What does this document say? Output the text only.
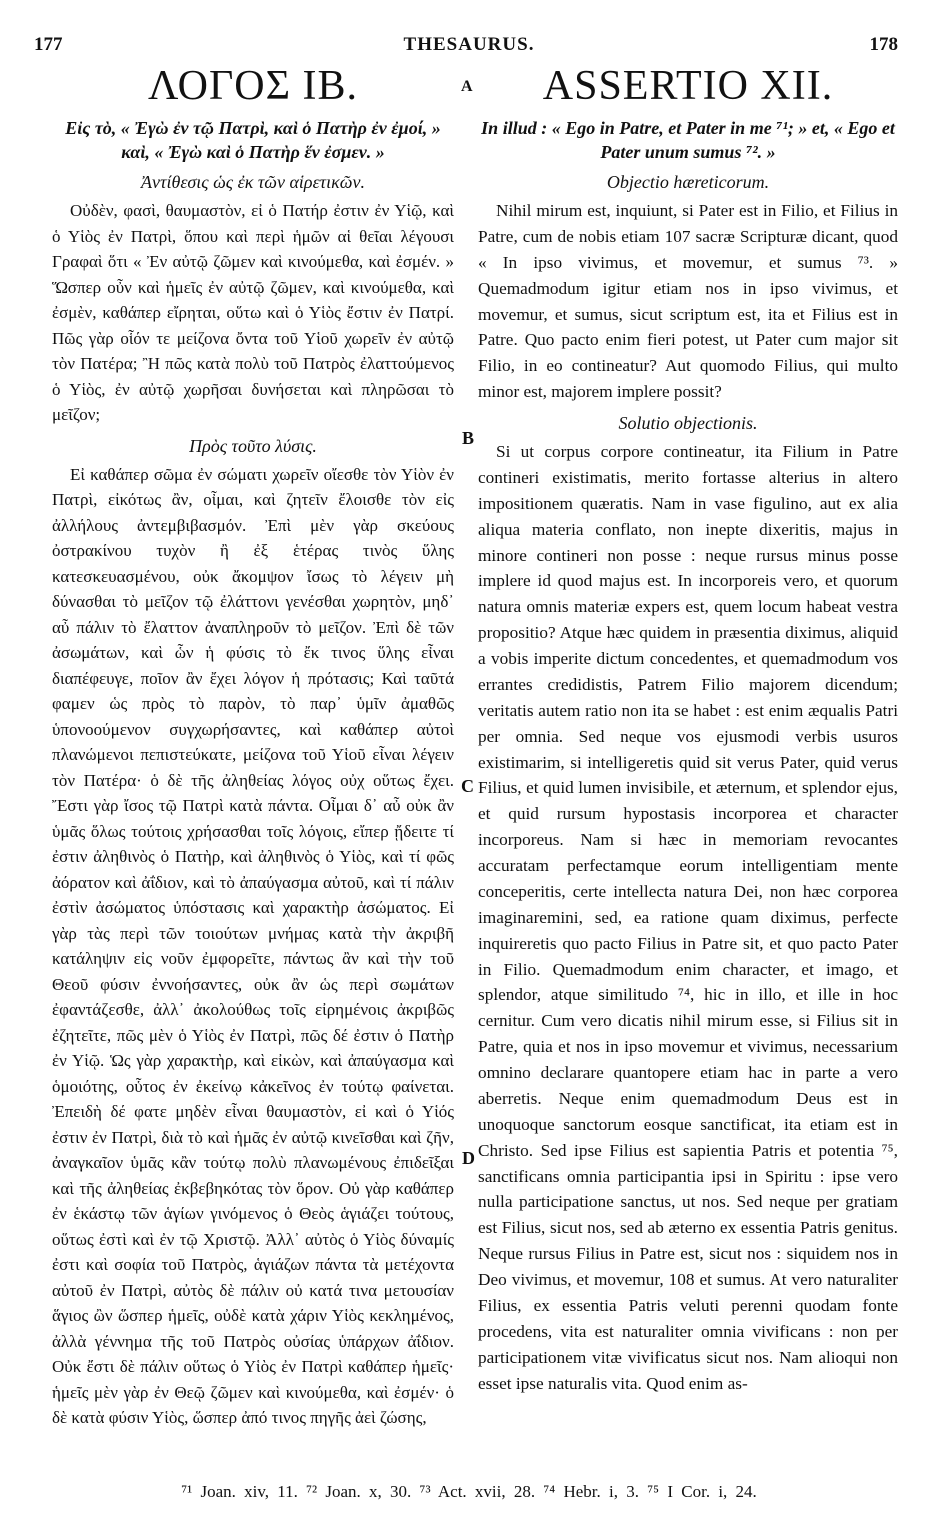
177	THESAURUS.	178
A
B
C
D
ΛΟΓΟΣ ΙΒ.
Εἰς τὸ, « Ἐγὼ ἐν τῷ Πατρὶ, καὶ ὁ Πατὴρ ἐν ἐμοί, » καὶ, « Ἐγὼ καὶ ὁ Πατὴρ ἕν ἐσμεν. »
Ἀντίθεσις ὡς ἐκ τῶν αἱρετικῶν.

Οὐδὲν, φασὶ, θαυμαστὸν, εἰ ὁ Πατήρ ἐστιν ἐν Υἱῷ, καὶ ὁ Υἱὸς ἐν Πατρὶ, ὅπου καὶ περὶ ἡμῶν αἱ θεῖαι λέγουσι Γραφαὶ ὅτι « Ἐν αὐτῷ ζῶμεν καὶ κινούμεθα, καὶ ἐσμέν. » Ὥσπερ οὖν καὶ ἡμεῖς ἐν αὐτῷ ζῶμεν, καὶ κινούμεθα, καὶ ἐσμὲν, καθάπερ εἴρηται, οὕτω καὶ ὁ Υἱὸς ἔστιν ἐν Πατρί. Πῶς γὰρ οἷόν τε μείζονα ὄντα τοῦ Υἱοῦ χωρεῖν ἐν αὐτῷ τὸν Πατέρα; Ἢ πῶς κατὰ πολὺ τοῦ Πατρὸς ἐλαττούμενος ὁ Υἱὸς, ἐν αὐτῷ χωρῆσαι δυνήσεται καὶ πληρῶσαι τὸ μεῖζον;

Πρὸς τοῦτο λύσις.

Εἰ καθάπερ σῶμα ἐν σώματι χωρεῖν οἴεσθε τὸν Υἱὸν ἐν Πατρὶ, εἰκότως ἂν, οἶμαι, καὶ ζητεῖν ἔλοισθε τὸν εἰς ἀλλήλους ἀντεμβιβασμόν. Ἐπὶ μὲν γὰρ σκεύους ὀστρακίνου τυχὸν ἢ ἐξ ἑτέρας τινὸς ὕλης κατεσκευασμένου, οὐκ ἄκομψον ἴσως τὸ λέγειν μὴ δύνασθαι τὸ μεῖζον τῷ ἐλάττονι γενέσθαι χωρητὸν, μηδ᾽ αὖ πάλιν τὸ ἔλαττον ἀναπληροῦν τὸ μεῖζον. Ἐπὶ δὲ τῶν ἀσωμάτων, καὶ ὧν ἡ φύσις τὸ ἔκ τινος ὕλης εἶναι διαπέφευγε, ποῖον ἂν ἔχει λόγον ἡ πρότασις; Καὶ ταῦτά φαμεν ὡς πρὸς τὸ παρὸν, τὸ παρ᾽ ὑμῖν ἀμαθῶς ὑπονοούμενον συγχωρήσαντες, καὶ καθάπερ αὐτοὶ πλανώμενοι πεπιστεύκατε, μείζονα τοῦ Υἱοῦ εἶναι λέγειν τὸν Πατέρα· ὁ δὲ τῆς ἀληθείας λόγος οὐχ οὕτως ἔχει. Ἔστι γὰρ ἴσος τῷ Πατρὶ κατὰ πάντα. Οἶμαι δ᾽ αὖ οὐκ ἂν ὑμᾶς ὅλως τούτοις χρήσασθαι τοῖς λόγοις, εἴπερ ᾔδειτε τί ἐστιν ἀληθινὸς ὁ Πατὴρ, καὶ ἀληθινὸς ὁ Υἱὸς, καὶ τί φῶς ἀόρατον καὶ ἀΐδιον, καὶ τὸ ἀπαύγασμα αὐτοῦ, καὶ τί πάλιν ἐστὶν ἀσώματος ὑπόστασις καὶ χαρακτὴρ ἀσώματος. Εἰ γὰρ τὰς περὶ τῶν τοιούτων μνήμας κατὰ τὴν ἀκριβῆ κατάληψιν εἰς νοῦν ἐμφορεῖτε, πάντως ἂν καὶ τὴν τοῦ Θεοῦ φύσιν ἐννοήσαντες, οὐκ ἂν ὡς περὶ σωμάτων ἐφαντάζεσθε, ἀλλ᾽ ἀκολούθως τοῖς εἰρημένοις ἀκριβῶς ἐζητεῖτε, πῶς μὲν ὁ Υἱὸς ἐν Πατρὶ, πῶς δέ ἐστιν ὁ Πατὴρ ἐν Υἱῷ. Ὡς γὰρ χαρακτὴρ, καὶ εἰκὼν, καὶ ἀπαύγασμα καὶ ὁμοιότης, οὗτος ἐν ἐκείνῳ κἀκεῖνος ἐν τούτῳ φαίνεται. Ἐπειδὴ δέ φατε μηδὲν εἶναι θαυμαστὸν, εἰ καὶ ὁ Υἱός ἐστιν ἐν Πατρὶ, διὰ τὸ καὶ ἡμᾶς ἐν αὐτῷ κινεῖσθαι καὶ ζῆν, ἀναγκαῖον ὑμᾶς κἂν τούτῳ πολὺ πλανωμένους ἐπιδεῖξαι καὶ τῆς ἀληθείας ἐκβεβηκότας τὸν ὅρον. Οὐ γὰρ καθάπερ ἐν ἑκάστῳ τῶν ἁγίων γινόμενος ὁ Θεὸς ἁγιάζει τούτους, οὕτως ἐστὶ καὶ ἐν τῷ Χριστῷ. Ἀλλ᾽ αὐτὸς ὁ Υἱὸς δύναμίς ἐστι καὶ σοφία τοῦ Πατρὸς, ἁγιάζων πάντα τὰ μετέχοντα αὐτοῦ ἐν Πατρὶ, αὐτὸς δὲ πάλιν οὐ κατά τινα μετουσίαν ἅγιος ὢν ὥσπερ ἡμεῖς, οὐδὲ κατὰ χάριν Υἱὸς κεκλημένος, ἀλλὰ γέννημα τῆς τοῦ Πατρὸς οὐσίας ὑπάρχων ἀΐδιον. Οὐκ ἔστι δὲ πάλιν οὕτως ὁ Υἱὸς ἐν Πατρὶ καθάπερ ἡμεῖς· ἡμεῖς μὲν γὰρ ἐν Θεῷ ζῶμεν καὶ κινούμεθα, καὶ ἐσμέν· ὁ δὲ κατὰ φύσιν Υἱὸς, ὥσπερ ἀπό τινος πηγῆς ἀεὶ ζώσης,

ASSERTIO XII.
In illud : « Ego in Patre, et Pater in me ⁷¹; » et, « Ego et Pater unum sumus ⁷². »
Objectio hæreticorum.

Nihil mirum est, inquiunt, si Pater est in Filio, et Filius in Patre, cum de nobis etiam 107 sacræ Scripturæ dicant, quod « In ipso vivimus, et movemur, et sumus ⁷³. » Quemadmodum igitur etiam nos in ipso vivimus, et movemur, et sumus, sicut scriptum est, ita et Filius est in Patre. Quo pacto enim fieri potest, ut Pater cum major sit Filio, in eo contineatur? Aut quomodo Filius, qui multo minor est, majorem implere possit?

Solutio objectionis.

Si ut corpus corpore contineatur, ita Filium in Patre contineri existimatis, merito fortasse alterius in altero impositionem quæratis. Nam in vase figulino, aut ex alia aliqua materia conflato, non inepte dixeritis, majus in minore contineri non posse : neque rursus minus posse implere id quod majus est. In incorporeis vero, et quorum natura omnis materiæ expers est, quem locum habeat vestra propositio? Atque hæc quidem in præsentia diximus, aliquid a vobis imperite dictum concedentes, et quemadmodum vos errantes credidistis, Patrem Filio majorem dicendum; veritatis autem ratio non ita se habet : est enim æqualis Patri per omnia. Sed neque vos ejusmodi verbis usuros existimarim, si intelligeretis quid sit verus Pater, quid verus Filius, et quid lumen invisibile, et æternum, et splendor ejus, et quid rursum hypostasis incorporea et character incorporeus. Nam si hæc in memoriam revocantes accuratam perfectamque eorum intelligentiam mente conceperitis, certe intellecta natura Dei, non hæc corporea imaginaremini, sed, ea ratione quam diximus, perfecte inquireretis quo pacto Filius in Patre sit, et quo pacto Pater in Filio. Quemadmodum enim character, et imago, et splendor, atque similitudo ⁷⁴, hic in illo, et ille in hoc cernitur. Cum vero dicatis nihil mirum esse, si Filius sit in Patre, quia et nos in ipso movemur et vivimus, necessarium omnino declarare quantopere etiam hac in parte a vero aberretis. Neque enim quemadmodum Deus est in unoquoque sanctorum eosque sanctificat, ita etiam est in Christo. Sed ipse Filius est sapientia Patris et potentia ⁷⁵, sanctificans omnia participantia ipsi in Spiritu : ipse vero nulla participatione sanctus, ut nos. Sed neque per gratiam est Filius, sicut nos, sed ab æterno ex essentia Patris genitus. Neque rursus Filius in Patre est, sicut nos : siquidem nos in Deo vivimus, et movemur, 108 et sumus. At vero naturaliter Filius, ex essentia Patris veluti perenni quodam fonte procedens, vita est naturaliter omnia vivificans : non per participationem vitæ vivificatus sicut nos. Nam alioqui non esset ipse naturalis vita. Quod enim as-

⁷¹ Joan. xiv, 11. ⁷² Joan. x, 30. ⁷³ Act. xvii, 28. ⁷⁴ Hebr. i, 3. ⁷⁵ I Cor. i, 24.
